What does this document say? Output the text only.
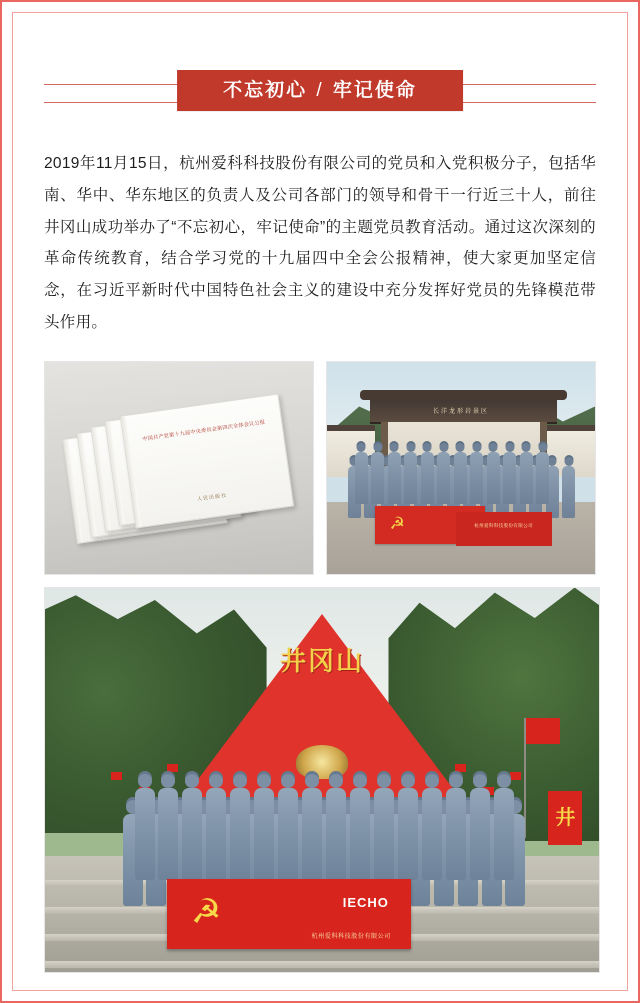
不忘初心 / 牢记使命
2019年11月15日，杭州爱科科技股份有限公司的党员和入党积极分子，包括华南、华中、华东地区的负责人及公司各部门的领导和骨干一行近三十人，前往井冈山成功举办了“不忘初心，牢记使命”的主题党员教育活动。通过这次深刻的革命传统教育，结合学习党的十九届四中全会公报精神，使大家更加坚定信念，在习近平新时代中国特色社会主义的建设中充分发挥好党员的先锋模范带头作用。
中国共产党第十九届中央委员会第四次全体会议公报
人民出版社
长洋龙形岩景区
☭	杭州爱科科技股份有限公司
井冈山
井
☭	IECHO
杭州爱科科技股份有限公司
